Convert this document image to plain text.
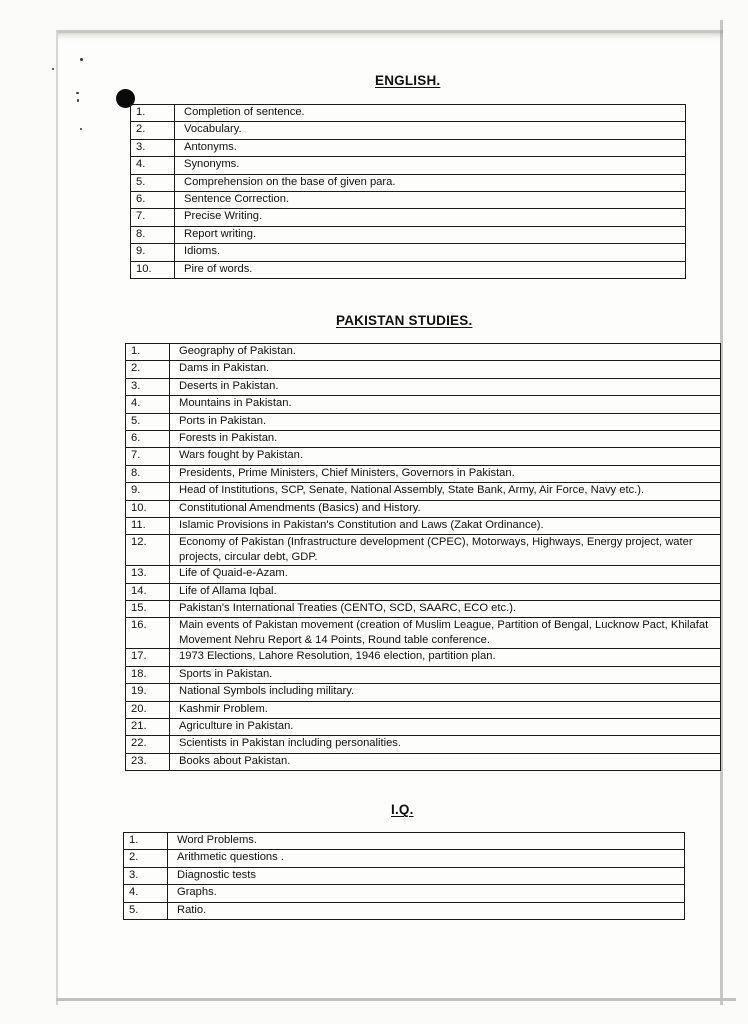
ENGLISH.
1.	Completion of sentence.
2.	Vocabulary.
3.	Antonyms.
4.	Synonyms.
5.	Comprehension on the base of given para.
6.	Sentence Correction.
7.	Precise Writing.
8.	Report writing.
9.	Idioms.
10.	Pire of words.
PAKISTAN STUDIES.
1.	Geography of Pakistan.
2.	Dams in Pakistan.
3.	Deserts in Pakistan.
4.	Mountains in Pakistan.
5.	Ports in Pakistan.
6.	Forests in Pakistan.
7.	Wars fought by Pakistan.
8.	Presidents, Prime Ministers, Chief Ministers, Governors in Pakistan.
9.	Head of Institutions, SCP, Senate, National Assembly, State Bank, Army, Air Force, Navy etc.).
10.	Constitutional Amendments (Basics) and History.
11.	Islamic Provisions in Pakistan's Constitution and Laws (Zakat Ordinance).
12.	Economy of Pakistan (Infrastructure development (CPEC), Motorways, Highways, Energy project, water projects, circular debt, GDP.
13.	Life of Quaid-e-Azam.
14.	Life of Allama Iqbal.
15.	Pakistan's International Treaties (CENTO, SCD, SAARC, ECO etc.).
16.	Main events of Pakistan movement (creation of Muslim League, Partition of Bengal, Lucknow Pact, Khilafat Movement Nehru Report & 14 Points, Round table conference.
17.	1973 Elections, Lahore Resolution, 1946 election, partition plan.
18.	Sports in Pakistan.
19.	National Symbols including military.
20.	Kashmir Problem.
21.	Agriculture in Pakistan.
22.	Scientists in Pakistan including personalities.
23.	Books about Pakistan.
I.Q.
1.	Word Problems.
2.	Arithmetic questions .
3.	Diagnostic tests
4.	Graphs.
5.	Ratio.
